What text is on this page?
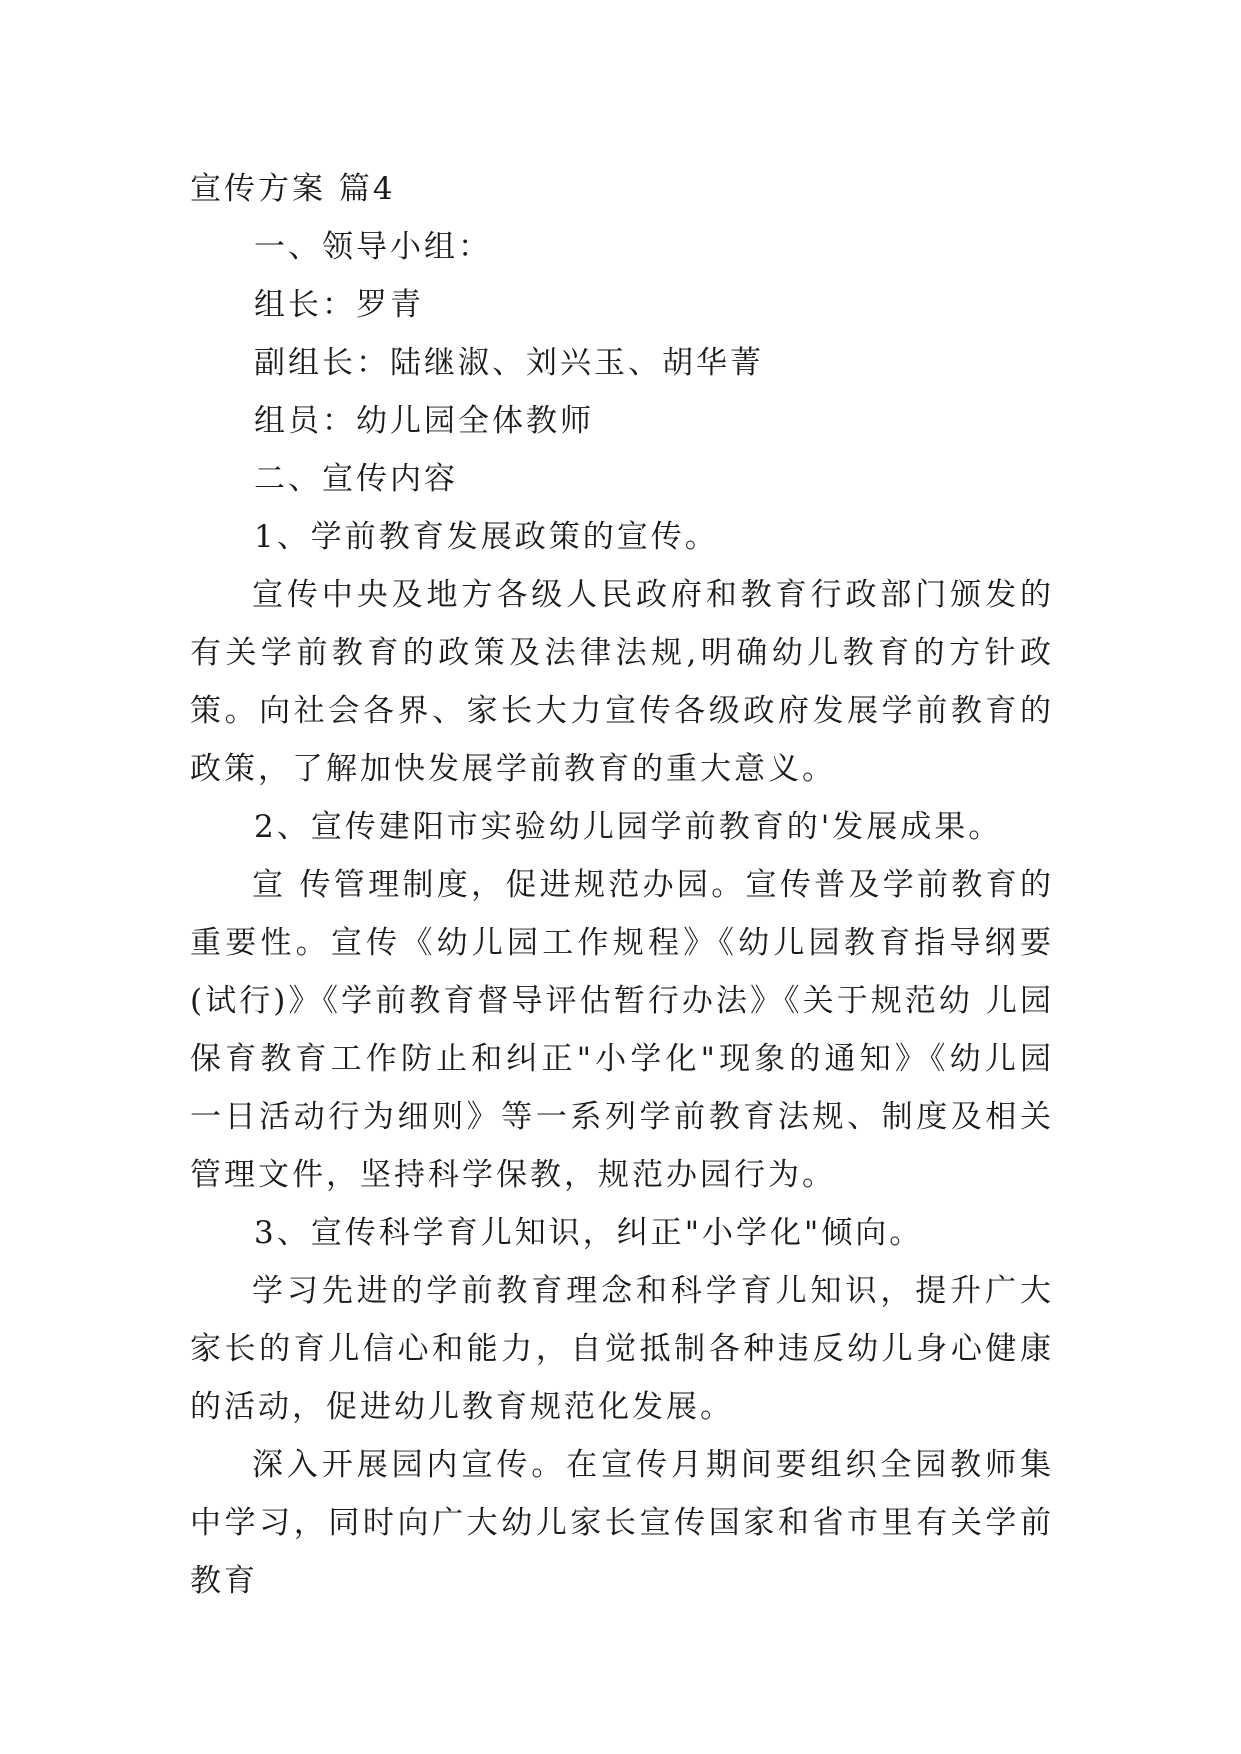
宣传方案 篇4

一、领导小组：

组长：罗青

副组长：陆继淑、刘兴玉、胡华菁

组员：幼儿园全体教师

二、宣传内容

1、学前教育发展政策的宣传。

宣传中央及地方各级人民政府和教育行政部门颁发的有关学前教育的政策及法律法规,明确幼儿教育的方针政策。向社会各界、家长大力宣传各级政府发展学前教育的政策，了解加快发展学前教育的重大意义。

2、宣传建阳市实验幼儿园学前教育的'发展成果。

宣 传管理制度，促进规范办园。宣传普及学前教育的重要性。宣传《幼儿园工作规程》《幼儿园教育指导纲要(试行)》《学前教育督导评估暂行办法》《关于规范幼 儿园保育教育工作防止和纠正"小学化"现象的通知》《幼儿园一日活动行为细则》等一系列学前教育法规、制度及相关管理文件，坚持科学保教，规范办园行为。

3、宣传科学育儿知识，纠正"小学化"倾向。

学习先进的学前教育理念和科学育儿知识，提升广大家长的育儿信心和能力，自觉抵制各种违反幼儿身心健康的活动，促进幼儿教育规范化发展。

深入开展园内宣传。在宣传月期间要组织全园教师集中学习，同时向广大幼儿家长宣传国家和省市里有关学前教育
